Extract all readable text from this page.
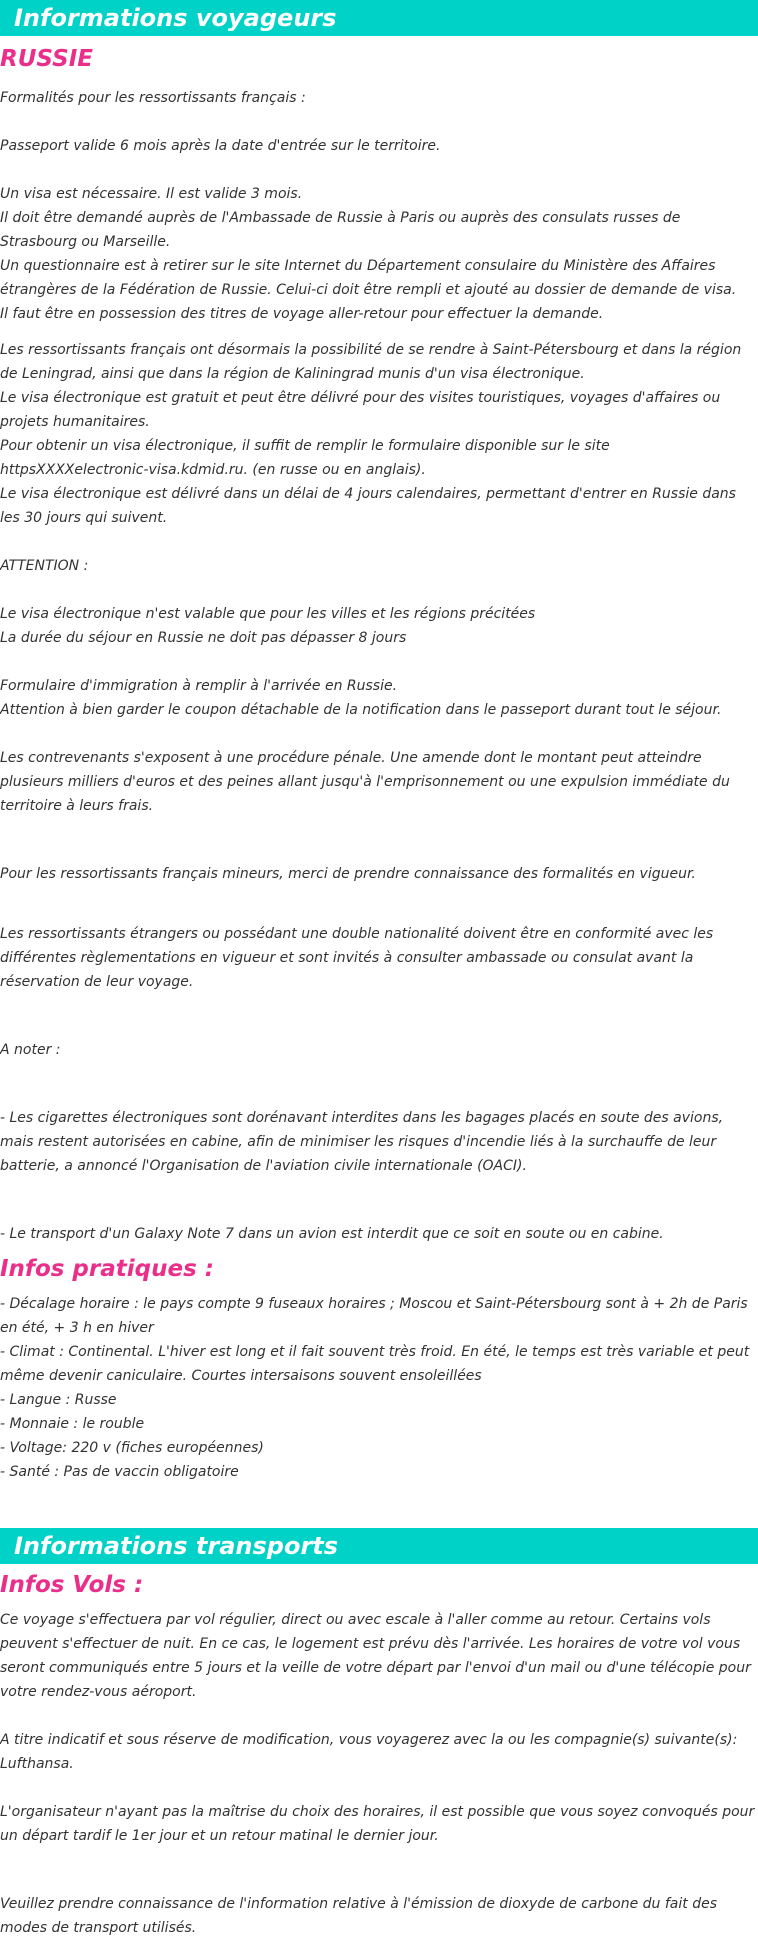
Informations voyageurs
RUSSIE

Formalités pour les ressortissants français :

Passeport valide 6 mois après la date d'entrée sur le territoire.

Un visa est nécessaire. Il est valide 3 mois.

Il doit être demandé auprès de l'Ambassade de Russie à Paris ou auprès des consulats russes de Strasbourg ou Marseille.

Un questionnaire est à retirer sur le site Internet du Département consulaire du Ministère des Affaires étrangères de la Fédération de Russie. Celui-ci doit être rempli et ajouté au dossier de demande de visa.

Il faut être en possession des titres de voyage aller-retour pour effectuer la demande.

Les ressortissants français ont désormais la possibilité de se rendre à Saint-Pétersbourg et dans la région de Leningrad, ainsi que dans la région de Kaliningrad munis d'un visa électronique.

Le visa électronique est gratuit et peut être délivré pour des visites touristiques, voyages d'affaires ou projets humanitaires.

Pour obtenir un visa électronique, il suffit de remplir le formulaire disponible sur le site httpsXXXXelectronic-visa.kdmid.ru. (en russe ou en anglais).

Le visa électronique est délivré dans un délai de 4 jours calendaires, permettant d'entrer en Russie dans les 30 jours qui suivent.

ATTENTION :

Le visa électronique n'est valable que pour les villes et les régions précitées

La durée du séjour en Russie ne doit pas dépasser 8 jours

Formulaire d'immigration à remplir à l'arrivée en Russie.

Attention à bien garder le coupon détachable de la notification dans le passeport durant tout le séjour.

Les contrevenants s'exposent à une procédure pénale. Une amende dont le montant peut atteindre plusieurs milliers d'euros et des peines allant jusqu'à l'emprisonnement ou une expulsion immédiate du territoire à leurs frais.

Pour les ressortissants français mineurs, merci de prendre connaissance des formalités en vigueur.

Les ressortissants étrangers ou possédant une double nationalité doivent être en conformité avec les différentes règlementations en vigueur et sont invités à consulter ambassade ou consulat avant la réservation de leur voyage.

A noter :

- Les cigarettes électroniques sont dorénavant interdites dans les bagages placés en soute des avions, mais restent autorisées en cabine, afin de minimiser les risques d'incendie liés à la surchauffe de leur batterie, a annoncé l'Organisation de l'aviation civile internationale (OACI).

- Le transport d'un Galaxy Note 7 dans un avion est interdit que ce soit en soute ou en cabine.

Infos pratiques :

- Décalage horaire : le pays compte 9 fuseaux horaires ; Moscou et Saint-Pétersbourg sont à + 2h de Paris en été, + 3 h en hiver

- Climat : Continental. L'hiver est long et il fait souvent très froid. En été, le temps est très variable et peut même devenir caniculaire. Courtes intersaisons souvent ensoleillées

- Langue : Russe

- Monnaie : le rouble

- Voltage: 220 v (fiches européennes)

- Santé : Pas de vaccin obligatoire

Informations transports
Infos Vols :

Ce voyage s'effectuera par vol régulier, direct ou avec escale à l'aller comme au retour. Certains vols peuvent s'effectuer de nuit. En ce cas, le logement est prévu dès l'arrivée. Les horaires de votre vol vous seront communiqués entre 5 jours et la veille de votre départ par l'envoi d'un mail ou d'une télécopie pour votre rendez-vous aéroport.

A titre indicatif et sous réserve de modification, vous voyagerez avec la ou les compagnie(s) suivante(s): Lufthansa.

L'organisateur n'ayant pas la maîtrise du choix des horaires, il est possible que vous soyez convoqués pour un départ tardif le 1er jour et un retour matinal le dernier jour.

Veuillez prendre connaissance de l'information relative à l'émission de dioxyde de carbone du fait des modes de transport utilisés.
